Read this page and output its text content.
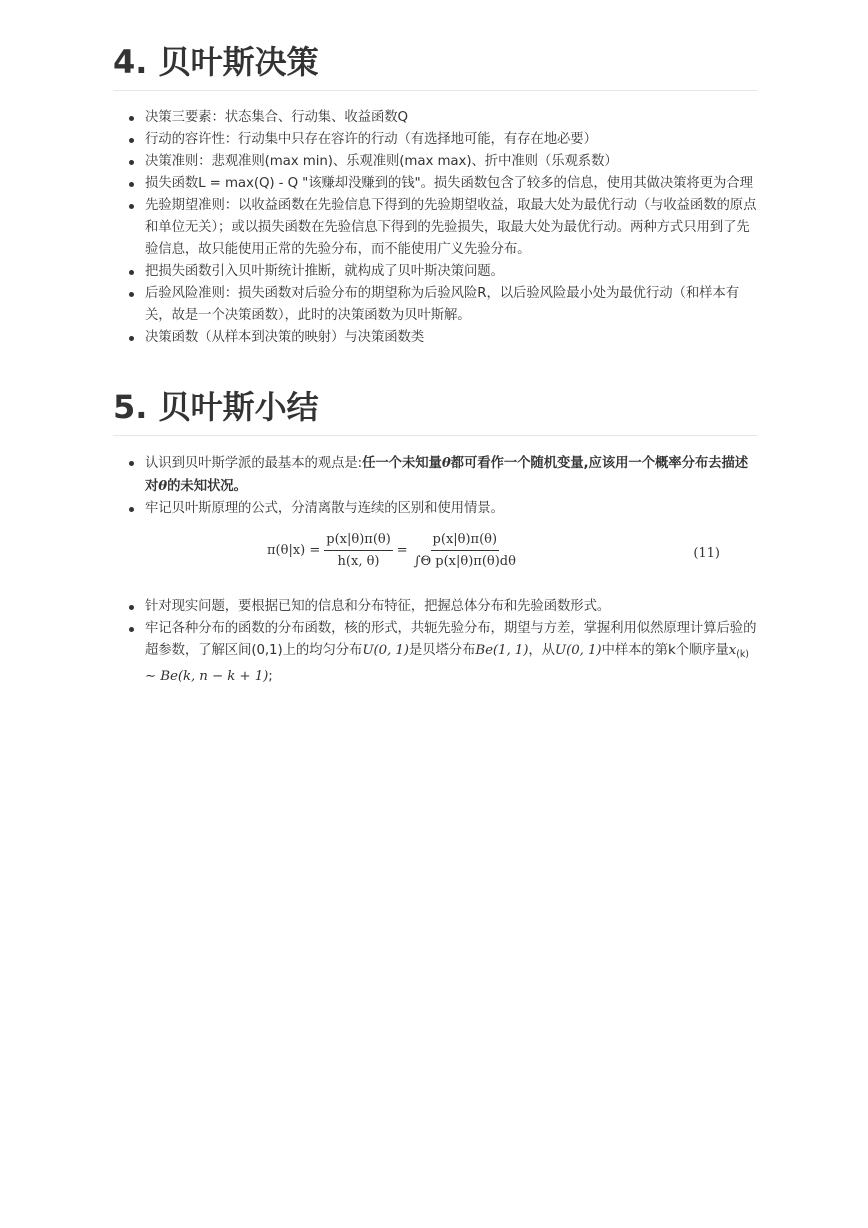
4. 贝叶斯决策
决策三要素：状态集合、行动集、收益函数Q
行动的容许性：行动集中只存在容许的行动（有选择地可能，有存在地必要）
决策准则：悲观准则(max min)、乐观准则(max max)、折中准则（乐观系数）
损失函数L = max(Q) - Q "该赚却没赚到的钱"。损失函数包含了较多的信息，使用其做决策将更为合理
先验期望准则：以收益函数在先验信息下得到的先验期望收益，取最大处为最优行动（与收益函数的原点和单位无关）；或以损失函数在先验信息下得到的先验损失，取最大处为最优行动。两种方式只用到了先验信息，故只能使用正常的先验分布，而不能使用广义先验分布。
把损失函数引入贝叶斯统计推断，就构成了贝叶斯决策问题。
后验风险准则：损失函数对后验分布的期望称为后验风险R，以后验风险最小处为最优行动（和样本有关，故是一个决策函数），此时的决策函数为贝叶斯解。
决策函数（从样本到决策的映射）与决策函数类
5. 贝叶斯小结
认识到贝叶斯学派的最基本的观点是:任一个未知量θ都可看作一个随机变量,应该用一个概率分布去描述对θ的未知状况。
牢记贝叶斯原理的公式，分清离散与连续的区别和使用情景。
$\pi(\theta|x) = \frac{p(x|\theta)\pi(\theta)}{h(x, \theta)} = \frac{p(x|\theta)\pi(\theta)}{\text{∫Θ p(x|θ)π(θ)dθ}}$	(11)
针对现实问题，要根据已知的信息和分布特征，把握总体分布和先验函数形式。
牢记各种分布的函数的分布函数，核的形式，共轭先验分布，期望与方差，掌握利用似然原理计算后验的超参数，了解区间(0,1)上的均匀分布U(0, 1)是贝塔分布Be(1, 1)，从U(0, 1)中样本的第k个顺序量$x_{(k)}$ ∼ Be(k, n − k + 1);
